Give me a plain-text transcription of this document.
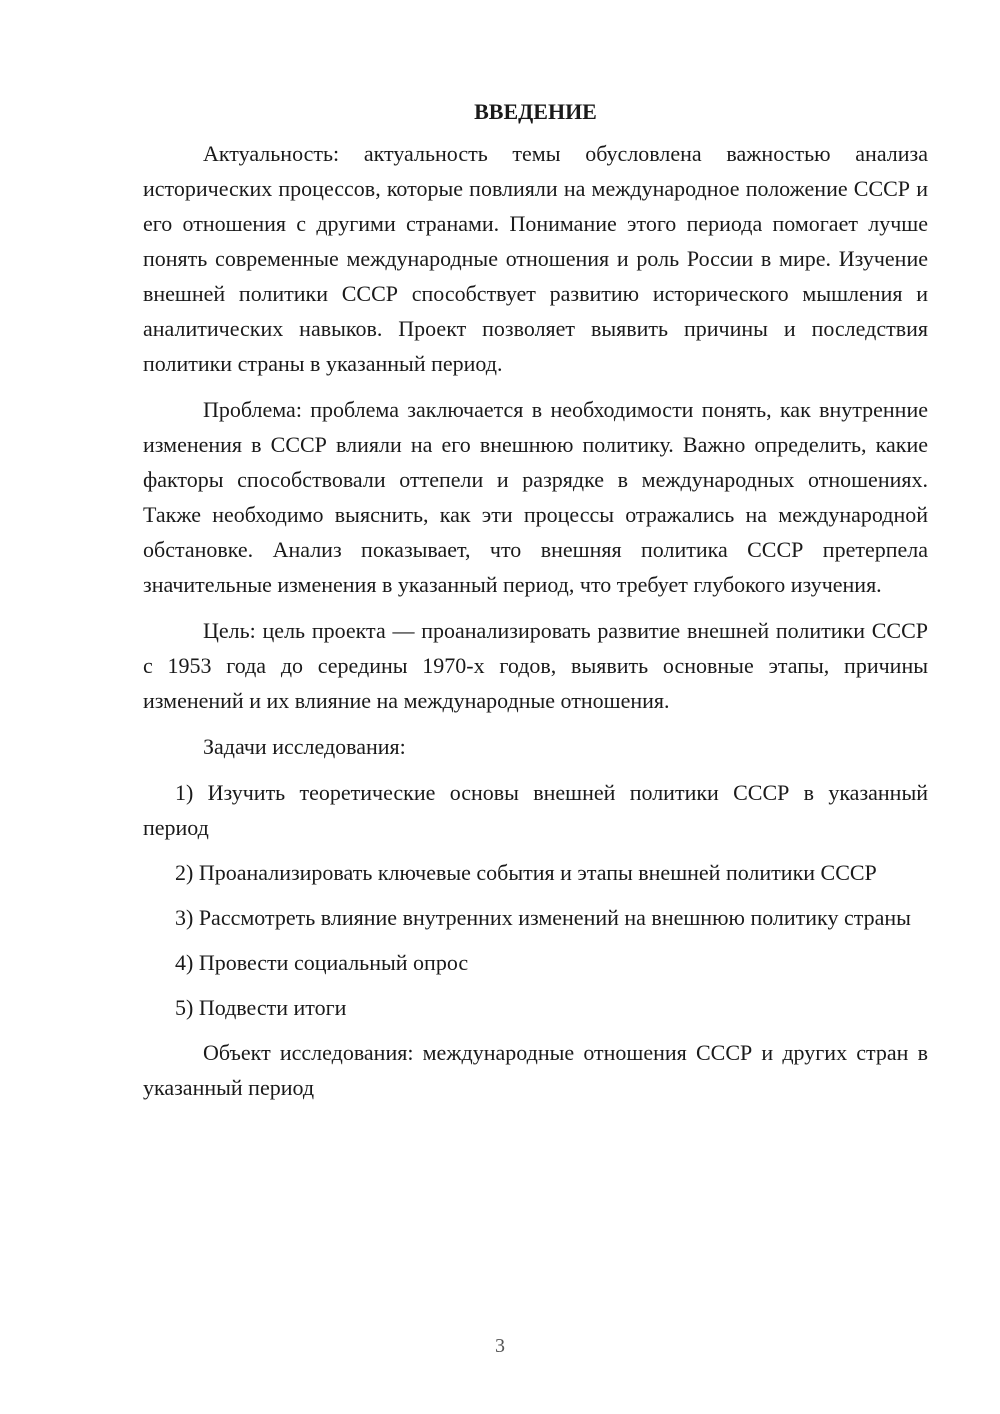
ВВЕДЕНИЕ

Актуальность: актуальность темы обусловлена важностью анализа исторических процессов, которые повлияли на международное положение СССР и его отношения с другими странами. Понимание этого периода помогает лучше понять современные международные отношения и роль России в мире. Изучение внешней политики СССР способствует развитию исторического мышления и аналитических навыков. Проект позволяет выявить причины и последствия политики страны в указанный период.

Проблема: проблема заключается в необходимости понять, как внутренние изменения в СССР влияли на его внешнюю политику. Важно определить, какие факторы способствовали оттепели и разрядке в международных отношениях. Также необходимо выяснить, как эти процессы отражались на международной обстановке. Анализ показывает, что внешняя политика СССР претерпела значительные изменения в указанный период, что требует глубокого изучения.

Цель: цель проекта — проанализировать развитие внешней политики СССР с 1953 года до середины 1970-х годов, выявить основные этапы, причины изменений и их влияние на международные отношения.

Задачи исследования:

1) Изучить теоретические основы внешней политики СССР в указанный период

2) Проанализировать ключевые события и этапы внешней политики СССР

3) Рассмотреть влияние внутренних изменений на внешнюю политику страны

4) Провести социальный опрос

5) Подвести итоги

Объект исследования: международные отношения СССР и других стран в указанный период

3
